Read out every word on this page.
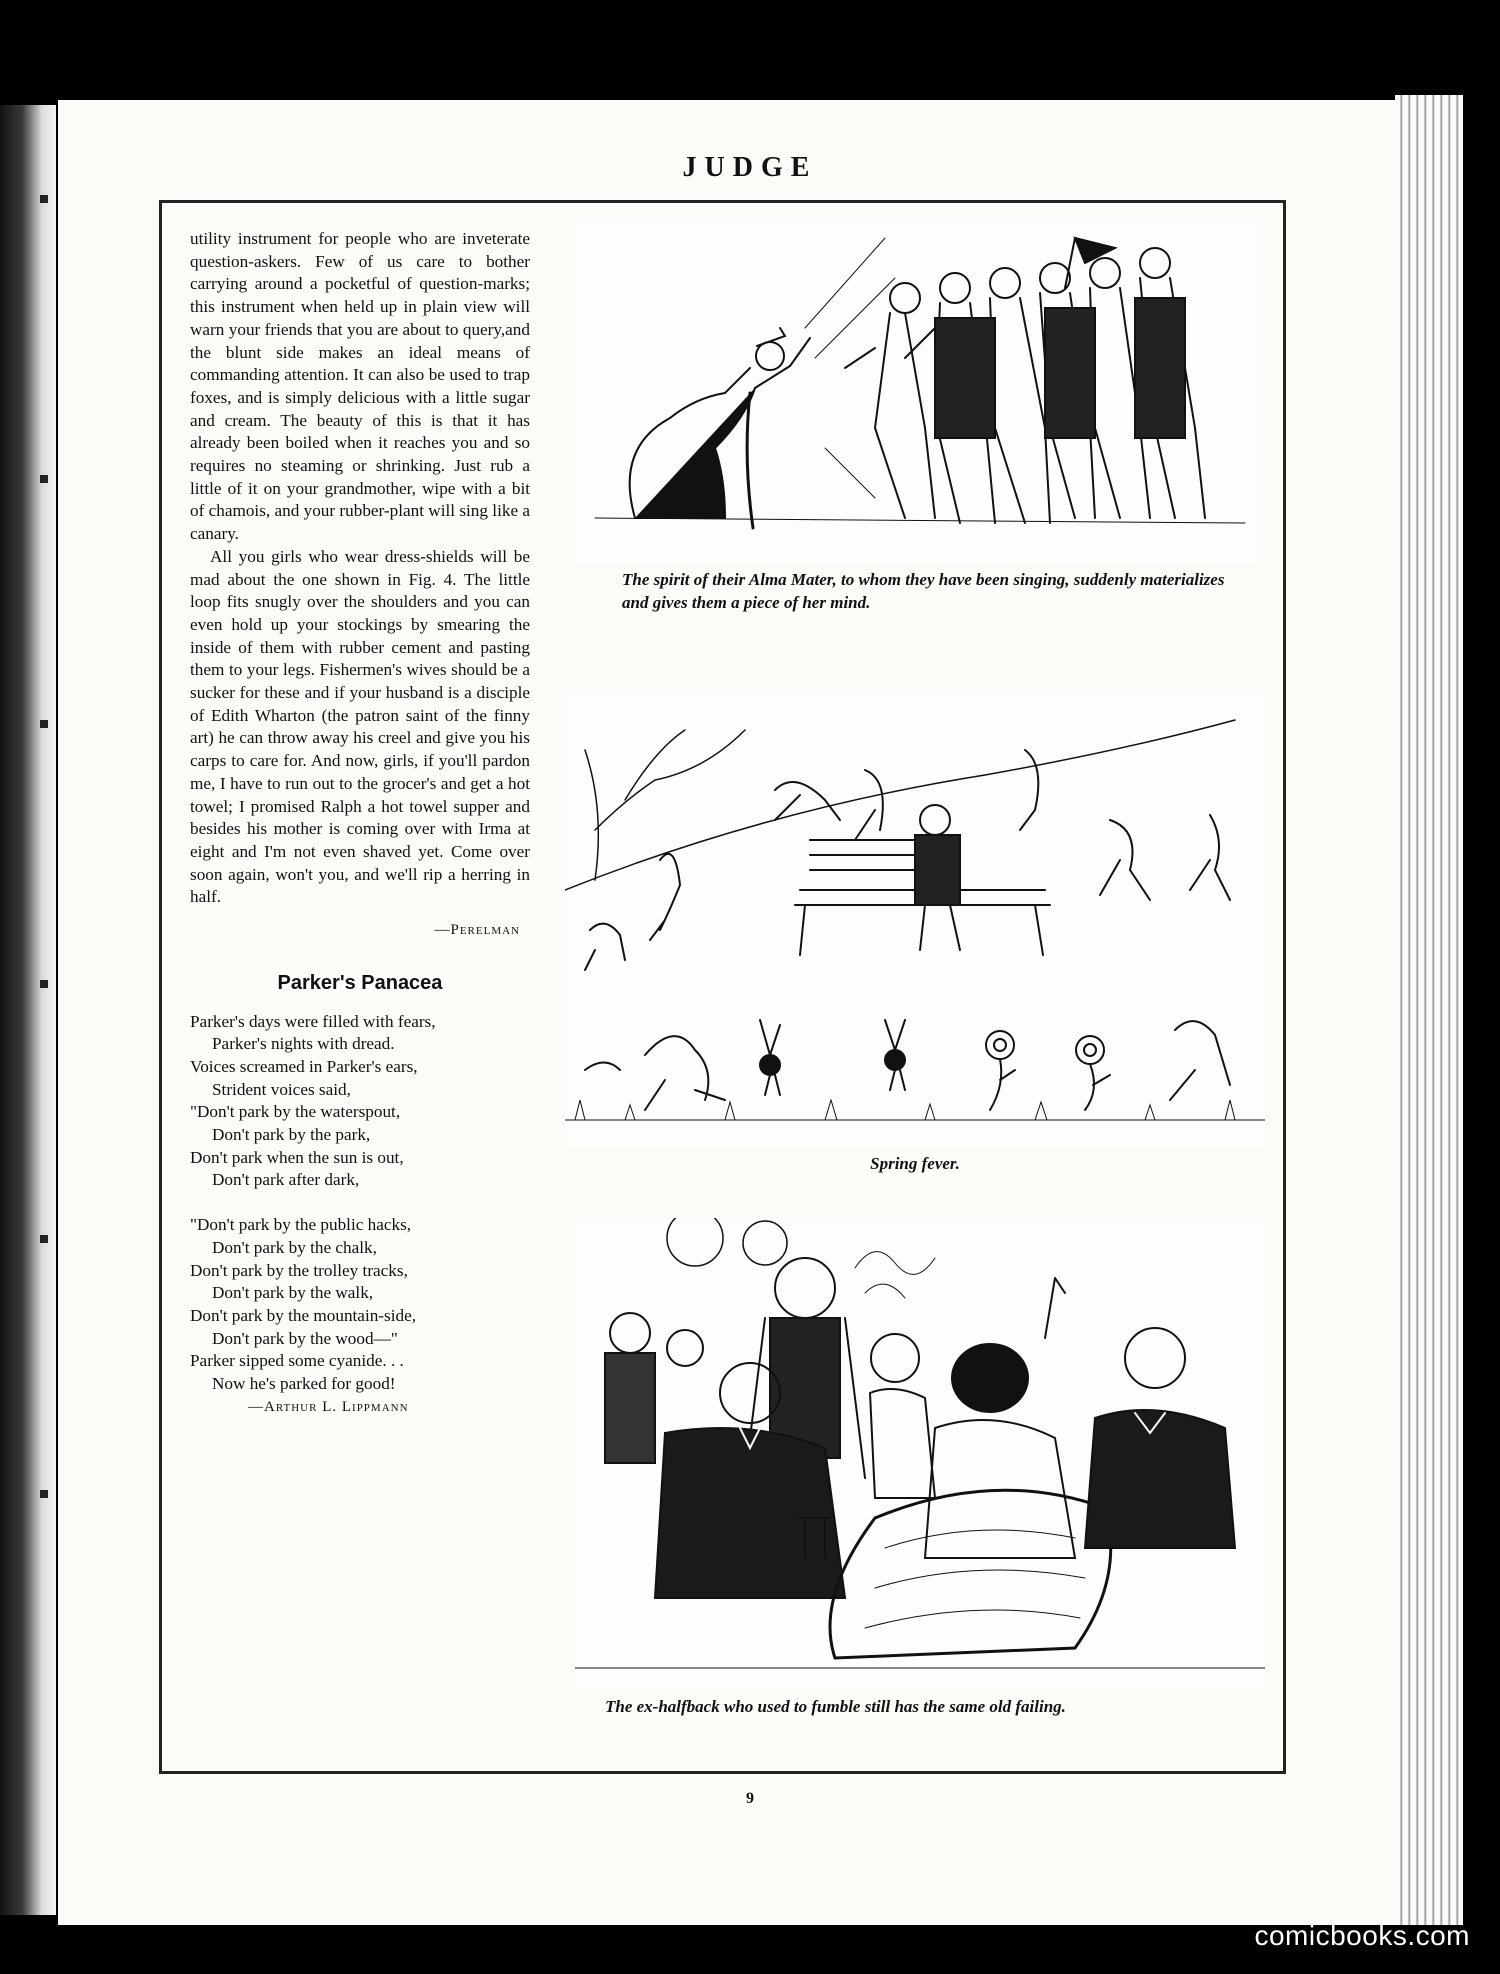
JUDGE

utility instrument for people who are inveterate question-askers. Few of us care to bother carrying around a pocketful of question-marks; this instrument when held up in plain view will warn your friends that you are about to query,and the blunt side makes an ideal means of commanding attention. It can also be used to trap foxes, and is simply delicious with a little sugar and cream. The beauty of this is that it has already been boiled when it reaches you and so requires no steaming or shrinking. Just rub a little of it on your grandmother, wipe with a bit of chamois, and your rubber-plant will sing like a canary.

All you girls who wear dress-shields will be mad about the one shown in Fig. 4. The little loop fits snugly over the shoulders and you can even hold up your stockings by smearing the inside of them with rubber cement and pasting them to your legs. Fishermen's wives should be a sucker for these and if your husband is a disciple of Edith Wharton (the patron saint of the finny art) he can throw away his creel and give you his carps to care for. And now, girls, if you'll pardon me, I have to run out to the grocer's and get a hot towel; I promised Ralph a hot towel supper and besides his mother is coming over with Irma at eight and I'm not even shaved yet. Come over soon again, won't you, and we'll rip a herring in half.

—Perelman

Parker's Panacea
Parker's days were filled with fears,
Parker's nights with dread.
Voices screamed in Parker's ears,
Strident voices said,
"Don't park by the waterspout,
Don't park by the park,
Don't park when the sun is out,
Don't park after dark,
"Don't park by the public hacks,
Don't park by the chalk,
Don't park by the trolley tracks,
Don't park by the walk,
Don't park by the mountain-side,
Don't park by the wood—"
Parker sipped some cyanide. . .
Now he's parked for good!
—Arthur L. Lippmann
The spirit of their Alma Mater, to whom they have been singing, suddenly materializes and gives them a piece of her mind.
Spring fever.
The ex-halfback who used to fumble still has the same old failing.
9
comicbooks.com
